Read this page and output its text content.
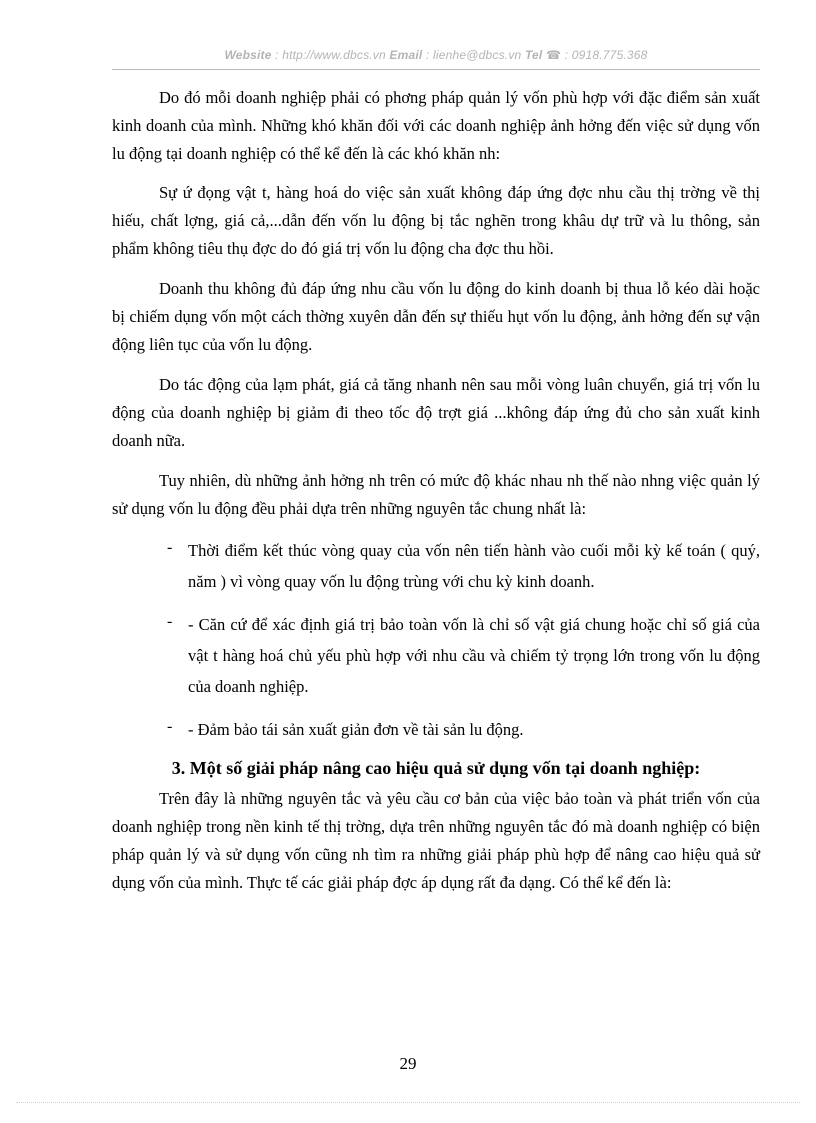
Website : http://www.dbcs.vn Email : lienhe@dbcs.vn Tel ☎ : 0918.775.368

Do đó mỗi doanh nghiệp phải có phơng pháp quản lý vốn phù hợp với đặc điểm sản xuất kinh doanh của mình. Những khó khăn đối với các doanh nghiệp ảnh hởng đến việc sử dụng vốn lu động tại doanh nghiệp có thể kể đến là các khó khăn nh:

Sự ứ đọng vật t, hàng hoá do việc sản xuất không đáp ứng đợc nhu cầu thị trờng về thị hiếu, chất lợng, giá cả,...dẫn đến vốn lu động bị tắc nghẽn trong khâu dự trữ và lu thông, sản phẩm không tiêu thụ đợc do đó giá trị vốn lu động cha đợc thu hồi.

Doanh thu không đủ đáp ứng nhu cầu vốn lu động do kinh doanh bị thua lỗ kéo dài hoặc bị chiếm dụng vốn một cách thờng xuyên dẫn đến sự thiếu hụt vốn lu động, ảnh hởng đến sự vận động liên tục của vốn lu động.

Do tác động của lạm phát, giá cả tăng nhanh nên sau mỗi vòng luân chuyển, giá trị vốn lu động của doanh nghiệp bị giảm đi theo tốc độ trợt giá ...không đáp ứng đủ cho sản xuất kinh doanh nữa.

Tuy nhiên, dù những ảnh hởng nh trên có mức độ khác nhau nh thế nào nhng việc quản lý sử dụng vốn lu động đều phải dựa trên những nguyên tắc chung nhất là:

- Thời điểm kết thúc vòng quay của vốn nên tiến hành vào cuối mỗi kỳ kế toán ( quý, năm ) vì vòng quay vốn lu động trùng với chu kỳ kinh doanh.
- - Căn cứ để xác định giá trị bảo toàn vốn là chỉ số vật giá chung hoặc chỉ số giá của vật t hàng hoá chủ yếu phù hợp với nhu cầu và chiếm tỷ trọng lớn trong vốn lu động của doanh nghiệp.
- - Đảm bảo tái sản xuất giản đơn về tài sản lu động.
3. Một số giải pháp nâng cao hiệu quả sử dụng vốn tại doanh nghiệp:

Trên đây là những nguyên tắc và yêu cầu cơ bản của việc bảo toàn và phát triển vốn của doanh nghiệp trong nền kinh tế thị trờng, dựa trên những nguyên tắc đó mà doanh nghiệp có biện pháp quản lý và sử dụng vốn cũng nh tìm ra những giải pháp phù hợp để nâng cao hiệu quả sử dụng vốn của mình. Thực tế các giải pháp đợc áp dụng rất đa dạng. Có thể kể đến là:

29
